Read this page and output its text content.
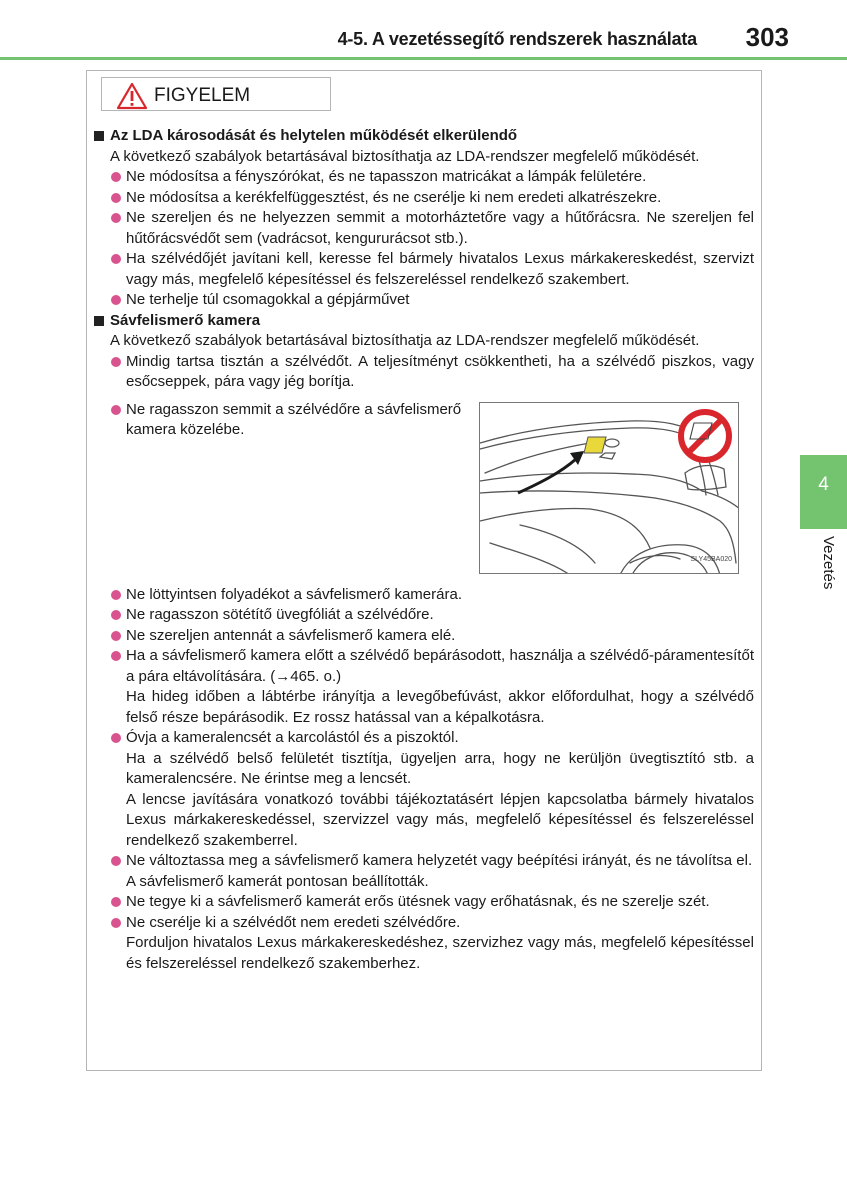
4-5. A vezetéssegítő rendszerek használata 303
4
Vezetés
FIGYELEM
Az LDA károsodását és helytelen működését elkerülendő
A következő szabályok betartásával biztosíthatja az LDA-rendszer megfelelő működését.
Ne módosítsa a fényszórókat, és ne tapasszon matricákat a lámpák felületére.
Ne módosítsa a kerékfelfüggesztést, és ne cserélje ki nem eredeti alkatrészekre.
Ne szereljen és ne helyezzen semmit a motorháztetőre vagy a hűtőrácsra. Ne szereljen fel hűtőrácsvédőt sem (vadrácsot, kengururácsot stb.).
Ha szélvédőjét javítani kell, keresse fel bármely hivatalos Lexus márkakereskedést, szervizt vagy más, megfelelő képesítéssel és felszereléssel rendelkező szakembert.
Ne terhelje túl csomagokkal a gépjárművet
Sávfelismerő kamera
A következő szabályok betartásával biztosíthatja az LDA-rendszer megfelelő működését.
Mindig tartsa tisztán a szélvédőt. A teljesítményt csökkentheti, ha a szélvédő piszkos, vagy esőcseppek, pára vagy jég borítja.
Ne ragasszon semmit a szélvédőre a sávfelismerő kamera közelébe.
SLY45BA020
Ne löttyintsen folyadékot a sávfelismerő kamerára.
Ne ragasszon sötétítő üvegfóliát a szélvédőre.
Ne szereljen antennát a sávfelismerő kamera elé.
Ha a sávfelismerő kamera előtt a szélvédő bepárásodott, használja a szélvédő-páramentesítőt a pára eltávolítására. (→465. o.)
Ha hideg időben a lábtérbe irányítja a levegőbefúvást, akkor előfordulhat, hogy a szélvédő felső része bepárásodik. Ez rossz hatással van a képalkotásra.
Óvja a kameralencsét a karcolástól és a piszoktól.
Ha a szélvédő belső felületét tisztítja, ügyeljen arra, hogy ne kerüljön üvegtisztító stb. a kameralencsére. Ne érintse meg a lencsét.
A lencse javítására vonatkozó további tájékoztatásért lépjen kapcsolatba bármely hivatalos Lexus márkakereskedéssel, szervizzel vagy más, megfelelő képesítéssel és felszereléssel rendelkező szakemberrel.
Ne változtassa meg a sávfelismerő kamera helyzetét vagy beépítési irányát, és ne távolítsa el.
A sávfelismerő kamerát pontosan beállították.
Ne tegye ki a sávfelismerő kamerát erős ütésnek vagy erőhatásnak, és ne szerelje szét.
Ne cserélje ki a szélvédőt nem eredeti szélvédőre.
Forduljon hivatalos Lexus márkakereskedéshez, szervizhez vagy más, megfelelő képesítéssel és felszereléssel rendelkező szakemberhez.
